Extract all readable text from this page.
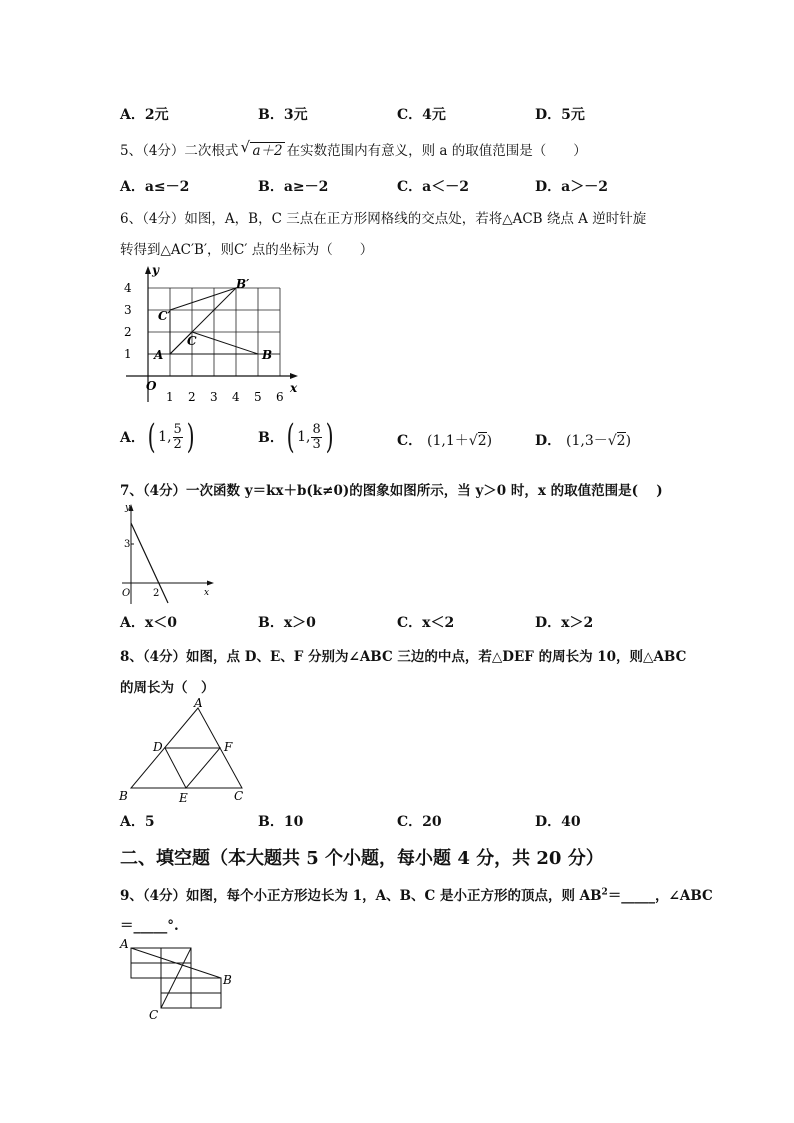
A．2元	B．3元	C．4元	D．5元
5、（4分）二次根式 √ a＋2 在实数范围内有意义，则 a 的取值范围是（　　）
A．a≤－2	B．a≥－2	C．a＜－2	D．a＞－2
6、（4分）如图，A，B，C 三点在正方形网格线的交点处，若将△ACB 绕点 A 逆时针旋
转得到△AC′B′，则C′ 点的坐标为（　　）
y
x
O
1
2
3
4
1 2 3 4 5 6
A	B
C
B′
C′
A． ( 1 , $\frac{5}{2}$ )	B． ( 1 , $\frac{8}{3}$ )	C． (1,1＋√2)	D． (1,3－√2)
7、（4分）一次函数 y＝kx＋b(k≠0)的图象如图所示，当 y＞0 时，x 的取值范围是(　 )
y
x
O
3
2
A．x＜0	B．x＞0	C．x＜2	D．x＞2
8、（4分）如图，点 D、E、F 分别为∠ABC 三边的中点，若△DEF 的周长为 10，则△ABC
的周长为（　）
A
B	C
D
E
F
A．5	B．10	C．20	D．40
二、填空题（本大题共 5 个小题，每小题 4 分，共 20 分）
9、（4分）如图，每个小正方形边长为 1，A、B、C 是小正方形的顶点，则 $AB^2=\_\_\_\_\_$，∠ABC
＝_____°.
A
B
C
